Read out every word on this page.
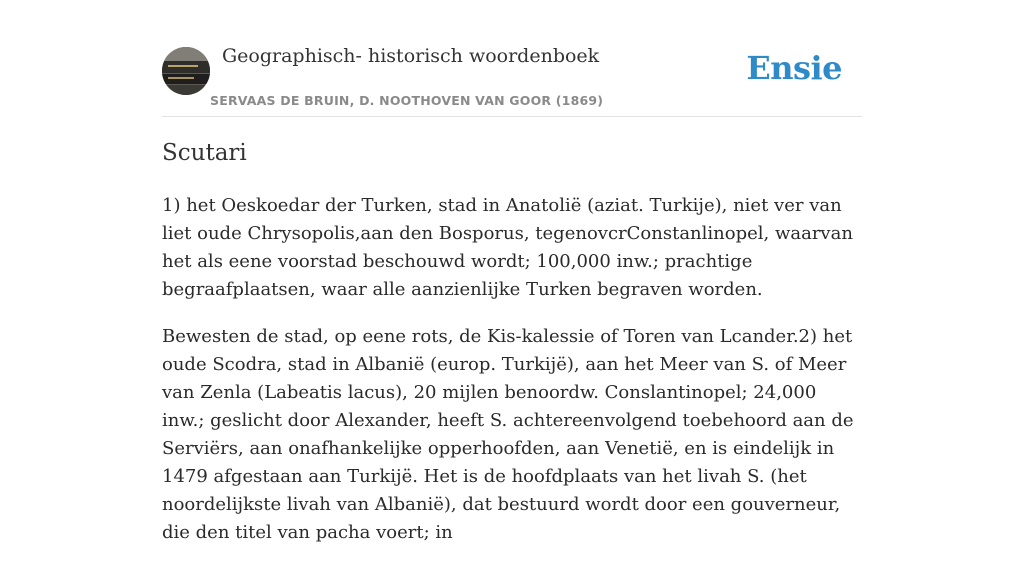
Geographisch- historisch woordenboek
SERVAAS DE BRUIN, D. NOOTHOVEN VAN GOOR (1869)
Ensie
Scutari

1) het Oeskoedar der Turken, stad in Anatolië (aziat. Turkije), niet ver van liet oude Chrysopolis,aan den Bosporus, tegenovcrConstanlinopel, waarvan het als eene voorstad beschouwd wordt; 100,000 inw.; prachtige begraafplaatsen, waar alle aanzienlijke Turken begraven worden.

Bewesten de stad, op eene rots, de Kis-kalessie of Toren van Lcander.2) het oude Scodra, stad in Albanië (europ. Turkijë), aan het Meer van S. of Meer van Zenla (Labeatis lacus), 20 mijlen benoordw. Conslantinopel; 24,000 inw.; geslicht door Alexander, heeft S. achtereenvolgend toebehoord aan de Serviërs, aan onafhankelijke opperhoofden, aan Venetië, en is eindelijk in 1479 afgestaan aan Turkijë. Het is de hoofdplaats van het livah S. (het noordelijkste livah van Albanië), dat bestuurd wordt door een gouverneur, die den titel van pacha voert; in
